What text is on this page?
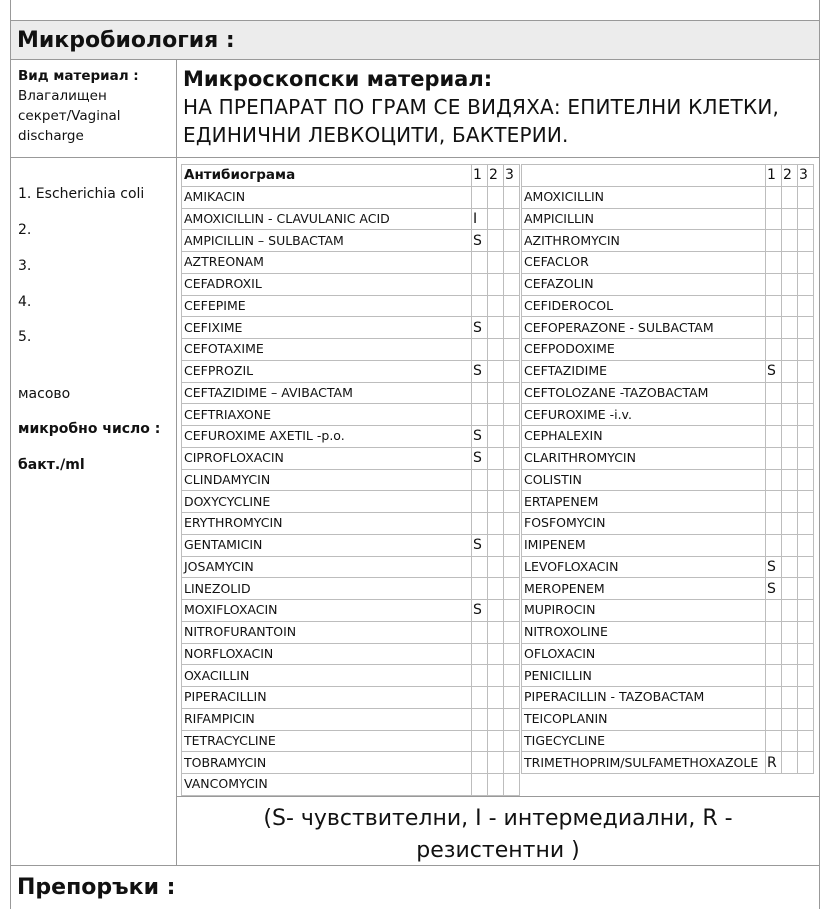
Микробиология :
Вид материал :
Влагалищен секрет/Vaginal discharge
Микроскопски материал:
НА ПРЕПАРАТ ПО ГРАМ СЕ ВИДЯХА: ЕПИТЕЛНИ КЛЕТКИ, ЕДИНИЧНИ ЛЕВКОЦИТИ, БАКТЕРИИ.
1. Escherichia coli
2.
3.
4.
5.
масово
микробно число :
бакт./ml
Антибиограма	1	2	3
AMIKACIN			
AMOXICILLIN - CLAVULANIC ACID	I		
AMPICILLIN – SULBACTAM	S		
AZTREONAM			
CEFADROXIL			
CEFEPIME			
CEFIXIME	S		
CEFOTAXIME			
CEFPROZIL	S		
CEFTAZIDIME – AVIBACTAM			
CEFTRIAXONE			
CEFUROXIME AXETIL -p.o.	S		
CIPROFLOXACIN	S		
CLINDAMYCIN			
DOXYCYCLINE			
ERYTHROMYCIN			
GENTAMICIN	S		
JOSAMYCIN			
LINEZOLID			
MOXIFLOXACIN	S		
NITROFURANTOIN			
NORFLOXACIN			
OXACILLIN			
PIPERACILLIN			
RIFAMPICIN			
TETRACYCLINE			
TOBRAMYCIN			
VANCOMYCIN			
	1	2	3
AMOXICILLIN			
AMPICILLIN			
AZITHROMYCIN			
CEFACLOR			
CEFAZOLIN			
CEFIDEROCOL			
CEFOPERAZONE - SULBACTAM			
CEFPODOXIME			
CEFTAZIDIME	S		
CEFTOLOZANE -TAZOBACTAM			
CEFUROXIME -i.v.			
CEPHALEXIN			
CLARITHROMYCIN			
COLISTIN			
ERTAPENEM			
FOSFOMYCIN			
IMIPENEM			
LEVOFLOXACIN	S		
MEROPENEM	S		
MUPIROCIN			
NITROXOLINE			
OFLOXACIN			
PENICILLIN			
PIPERACILLIN - TAZOBACTAM			
TEICOPLANIN			
TIGECYCLINE			
TRIMETHOPRIM/SULFAMETHOXAZOLE	R		
(S- чувствителни, I - интермедиални, R - резистентни )
Препоръки :
